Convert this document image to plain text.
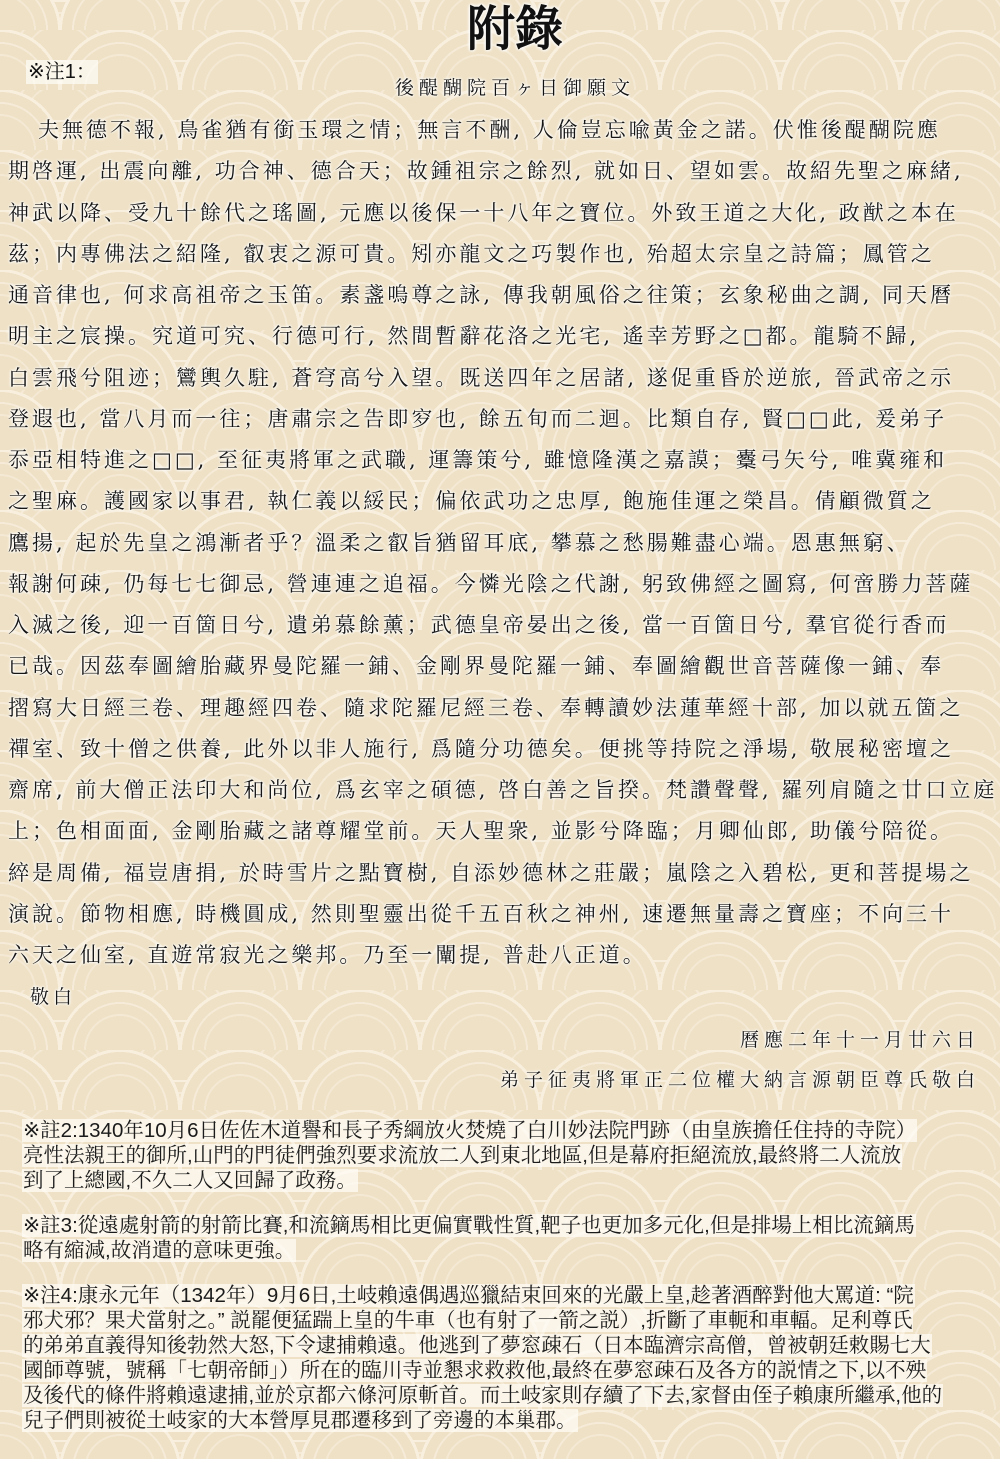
附錄
※注1：
後醍醐院百ヶ日御願文
夫無德不報, 鳥雀猶有銜玉環之情；無言不酬, 人倫豈忘喩黃金之諾。伏惟後醍醐院應
期啓運, 出震向離, 功合神、德合天；故鍾祖宗之餘烈, 就如日、望如雲。故紹先聖之麻緒,
神武以降、受九十餘代之瑤圖, 元應以後保一十八年之寶位。外致王道之大化, 政猷之本在
茲；内專佛法之紹隆, 叡衷之源可貴。矧亦龍文之巧製作也, 殆超太宗皇之詩篇；鳳管之
通音律也, 何求高祖帝之玉笛。素盞嗚尊之詠, 傳我朝風俗之往策；玄象秘曲之調, 同天曆
明主之宸操。究道可究、行德可行, 然間暫辭花洛之光宅, 遙幸芳野之□都。龍騎不歸,
白雲飛兮阻迹；鸞輿久駐, 蒼穹高兮入望。既送四年之居諸, 遂促重昏於逆旅, 晉武帝之示
登遐也, 當八月而一往；唐肅宗之告即穸也, 餘五旬而二迴。比類自存, 賢□□此, 爰弟子
忝亞相特進之□□, 至征夷將軍之武職, 運籌策兮, 雖憶隆漢之嘉謨；櫜弓矢兮, 唯冀雍和
之聖麻。護國家以事君, 執仁義以綏民；偏依武功之忠厚, 飽施佳運之榮昌。倩顧微質之
鷹揚, 起於先皇之鴻漸者乎？溫柔之叡旨猶留耳底, 攀慕之愁腸難盡心端。恩惠無窮、
報謝何疎, 仍每七七御忌, 營連連之追福。今憐光陰之代謝, 躬致佛經之圖寫, 何啻勝力菩薩
入滅之後, 迎一百箇日兮, 遺弟慕餘薰；武德皇帝晏出之後, 當一百箇日兮, 羣官從行香而
已哉。因茲奉圖繪胎藏界曼陀羅一鋪、金剛界曼陀羅一鋪、奉圖繪觀世音菩薩像一鋪、奉
摺寫大日經三卷、理趣經四卷、隨求陀羅尼經三卷、奉轉讀妙法蓮華經十部, 加以就五箇之
禪室、致十僧之供養, 此外以非人施行, 爲隨分功德矣。便挑等持院之淨場, 敬展秘密壇之
齋席, 前大僧正法印大和尚位, 爲玄宰之碩德, 啓白善之旨揆。梵讚聲聲, 羅列肩隨之廿口立庭
上；色相面面, 金剛胎藏之諸尊耀堂前。天人聖衆, 並影兮降臨；月卿仙郎, 助儀兮陪從。
綷是周備, 福豈唐捐, 於時雪片之點寶樹, 自添妙德林之莊嚴；嵐陰之入碧松, 更和菩提場之
演說。節物相應, 時機圓成, 然則聖靈出從千五百秋之神州, 速遷無量壽之寶座；不向三十
六天之仙室, 直遊常寂光之樂邦。乃至一闡提, 普赴八正道。
敬白
曆應二年十一月廿六日
弟子征夷將軍正二位權大納言源朝臣尊氏敬白
※註2:1340年10月6日佐佐木道譽和長子秀綱放火焚燒了白川妙法院門跡（由皇族擔任住持的寺院）
亮性法親王的御所,山門的門徒們強烈要求流放二人到東北地區,但是幕府拒絕流放,最終將二人流放
到了上總國,不久二人又回歸了政務。
※註3:從遠處射箭的射箭比賽,和流鏑馬相比更偏實戰性質,靶子也更加多元化,但是排場上相比流鏑馬
略有縮減,故消遣的意味更強。
※注4:康永元年（1342年）9月6日,土岐賴遠偶遇巡獵結束回來的光嚴上皇,趁著酒醉對他大罵道: “院
邪犬邪？果犬當射之。” 説罷便猛踹上皇的牛車（也有射了一箭之説）,折斷了車軛和車輻。足利尊氏
的弟弟直義得知後勃然大怒,下令逮捕賴遠。他逃到了夢窓疎石（日本臨濟宗高僧，曾被朝廷敕賜七大
國師尊號，號稱「七朝帝師」）所在的臨川寺並懇求救救他,最終在夢窓疎石及各方的説情之下,以不殃
及後代的條件將賴遠逮捕,並於京都六條河原斬首。而土岐家則存續了下去,家督由侄子賴康所繼承,他的
兒子們則被從土岐家的大本營厚見郡遷移到了旁邊的本巢郡。
